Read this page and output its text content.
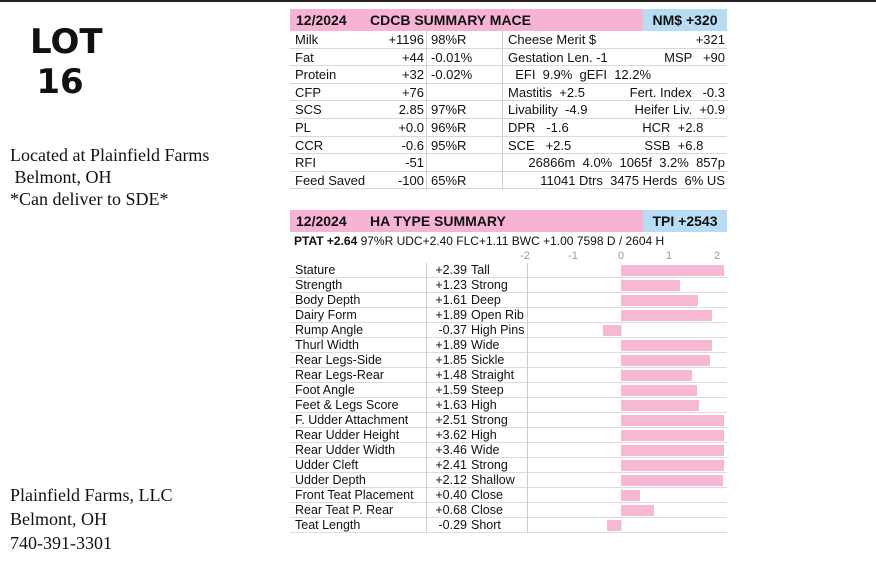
LOT
16
Located at Plainfield Farms
Belmont, OH
*Can deliver to SDE*
Plainfield Farms, LLC
Belmont, OH
740-391-3301
12/2024	CDCB SUMMARY MACE	NM$ +320
Milk	+1196 98%R	Cheese Merit $	+321
Fat	+44 -0.01%	Gestation Len. -1	MSP   +90
Protein	+32 -0.02%	EFI  9.9%  gEFI  12.2%
CFP	+76	Mastitis  +2.5	Fert. Index   -0.3
SCS	2.85 97%R	Livability  -4.9	Heifer Liv.  +0.9
PL	+0.0 96%R	DPR   -1.6	HCR  +2.8
CCR	-0.6 95%R	SCE   +2.5	SSB  +6.8
RFI	-51	26866m  4.0%  1065f  3.2%  857p
Feed Saved	-100 65%R	11041 Dtrs  3475 Herds  6% US
12/2024	HA TYPE SUMMARY	TPI +2543
PTAT +2.64 97%R UDC+2.40 FLC+1.11 BWC +1.00 7598 D / 2604 H
-2	-1	0	1	2
Stature	+2.39 Tall
Strength	+1.23 Strong
Body Depth	+1.61 Deep
Dairy Form	+1.89 Open Rib
Rump Angle	-0.37 High Pins
Thurl Width	+1.89 Wide
Rear Legs-Side	+1.85 Sickle
Rear Legs-Rear	+1.48 Straight
Foot Angle	+1.59 Steep
Feet & Legs Score	+1.63 High
F. Udder Attachment +2.51 Strong
Rear Udder Height	+3.62 High
Rear Udder Width	+3.46 Wide
Udder Cleft	+2.41 Strong
Udder Depth	+2.12 Shallow
Front Teat Placement +0.40 Close
Rear Teat P. Rear	+0.68 Close
Teat Length	-0.29 Short
